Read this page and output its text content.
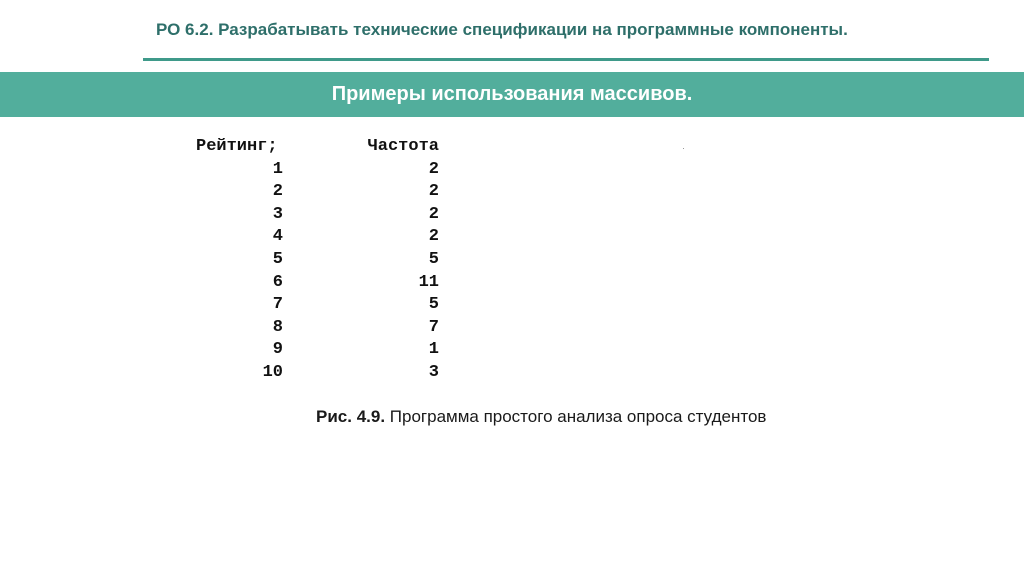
РО 6.2. Разрабатывать технические спецификации на программные компоненты.
Примеры использования массивов.
Рейтинг;	Частота
1	2
2	2
3	2
4	2
5	5
6	11
7	5
8	7
9	1
10	3
Рис. 4.9. Программа простого анализа опроса студентов
